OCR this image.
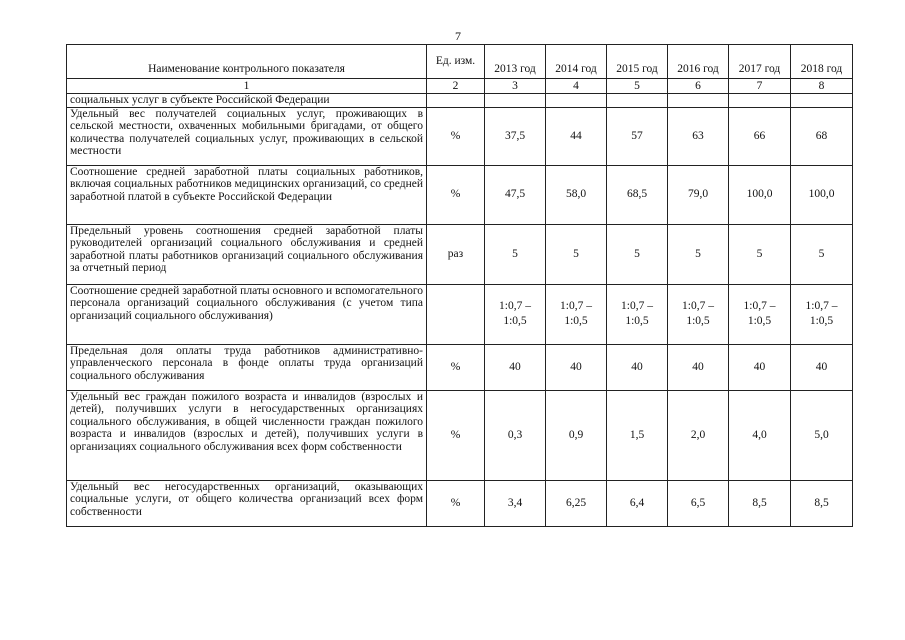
7
Наименование контрольного показателя	Ед. изм.	2013 год	2014 год	2015 год	2016 год	2017 год	2018 год
1	2	3	4	5	6	7	8
социальных услуг в субъекте Российской Федерации							
Удельный вес получателей социальных услуг, проживающих в сельской местности, охваченных мобильными бригадами, от общего количества получателей социальных услуг, проживающих в сельской местности	%	37,5	44	57	63	66	68
Соотношение средней заработной платы социальных работников, включая социальных работников медицинских организаций, со средней заработной платой в субъекте Российской Федерации	%	47,5	58,0	68,5	79,0	100,0	100,0
Предельный уровень соотношения средней заработной платы руководителей организаций социального обслуживания и средней заработной платы работников организаций социального обслуживания за отчетный период	раз	5	5	5	5	5	5
Соотношение средней заработной платы основного и вспомогательного персонала организаций социального обслуживания (с учетом типа организаций социального обслуживания)		1:0,7 – 1:0,5	1:0,7 – 1:0,5	1:0,7 – 1:0,5	1:0,7 – 1:0,5	1:0,7 – 1:0,5	1:0,7 – 1:0,5
Предельная доля оплаты труда работников административно-управленческого персонала в фонде оплаты труда организаций социального обслуживания	%	40	40	40	40	40	40
Удельный вес граждан пожилого возраста и инвалидов (взрослых и детей), получивших услуги в негосударственных организациях социального обслуживания, в общей численности граждан пожилого возраста и инвалидов (взрослых и детей), получивших услуги в организациях социального обслуживания всех форм собственности	%	0,3	0,9	1,5	2,0	4,0	5,0
Удельный вес негосударственных организаций, оказывающих социальные услуги, от общего количества организаций всех форм собственности	%	3,4	6,25	6,4	6,5	8,5	8,5
